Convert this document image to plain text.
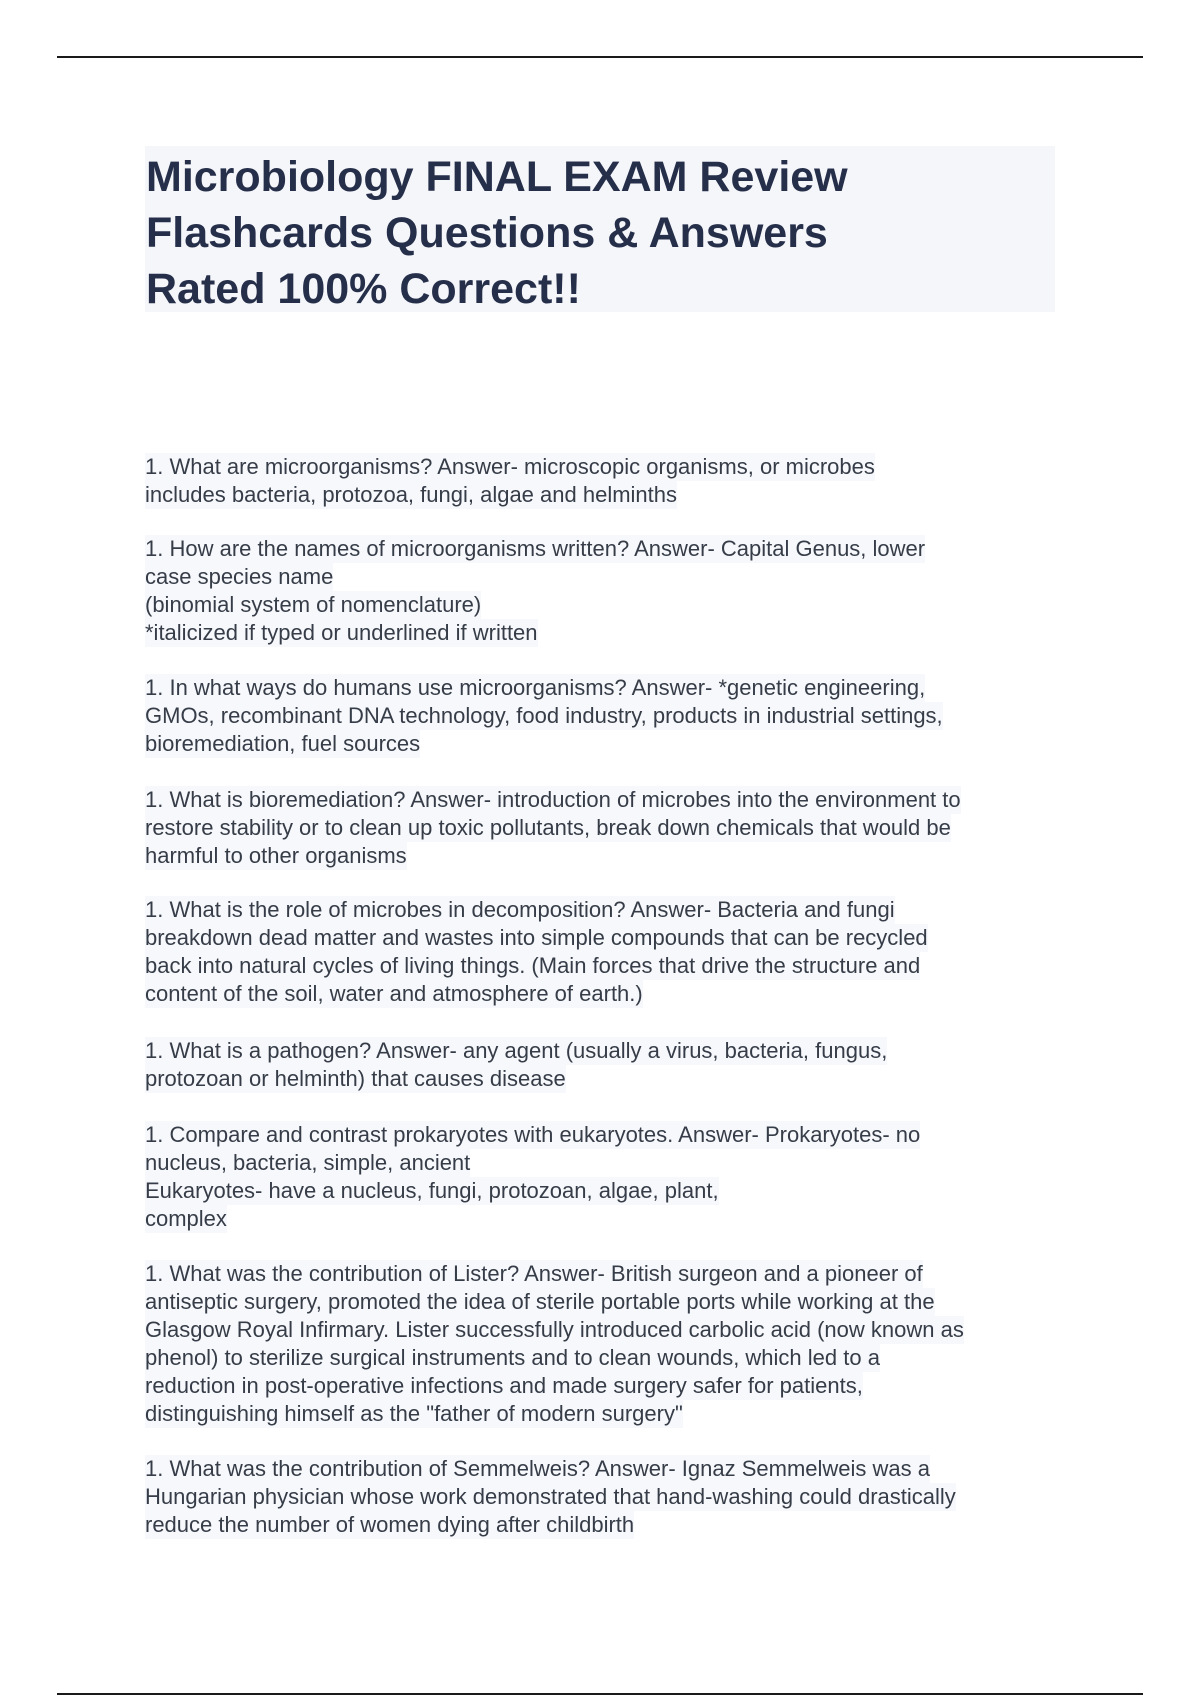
Microbiology FINAL EXAM Review
Flashcards Questions & Answers
Rated 100% Correct!!

1. What are microorganisms? Answer- microscopic organisms, or microbes
includes bacteria, protozoa, fungi, algae and helminths

1. How are the names of microorganisms written? Answer- Capital Genus, lower
case species name
(binomial system of nomenclature)
*italicized if typed or underlined if written

1. In what ways do humans use microorganisms? Answer- *genetic engineering,
GMOs, recombinant DNA technology, food industry, products in industrial settings,
bioremediation, fuel sources

1. What is bioremediation? Answer- introduction of microbes into the environment to
restore stability or to clean up toxic pollutants, break down chemicals that would be
harmful to other organisms

1. What is the role of microbes in decomposition? Answer- Bacteria and fungi
breakdown dead matter and wastes into simple compounds that can be recycled
back into natural cycles of living things. (Main forces that drive the structure and
content of the soil, water and atmosphere of earth.)

1. What is a pathogen? Answer- any agent (usually a virus, bacteria, fungus,
protozoan or helminth) that causes disease

1. Compare and contrast prokaryotes with eukaryotes. Answer- Prokaryotes- no
nucleus, bacteria, simple, ancient
Eukaryotes- have a nucleus, fungi, protozoan, algae, plant,
complex

1. What was the contribution of Lister? Answer- British surgeon and a pioneer of
antiseptic surgery, promoted the idea of sterile portable ports while working at the
Glasgow Royal Infirmary. Lister successfully introduced carbolic acid (now known as
phenol) to sterilize surgical instruments and to clean wounds, which led to a
reduction in post-operative infections and made surgery safer for patients,
distinguishing himself as the "father of modern surgery"

1. What was the contribution of Semmelweis? Answer- Ignaz Semmelweis was a
Hungarian physician whose work demonstrated that hand-washing could drastically
reduce the number of women dying after childbirth
